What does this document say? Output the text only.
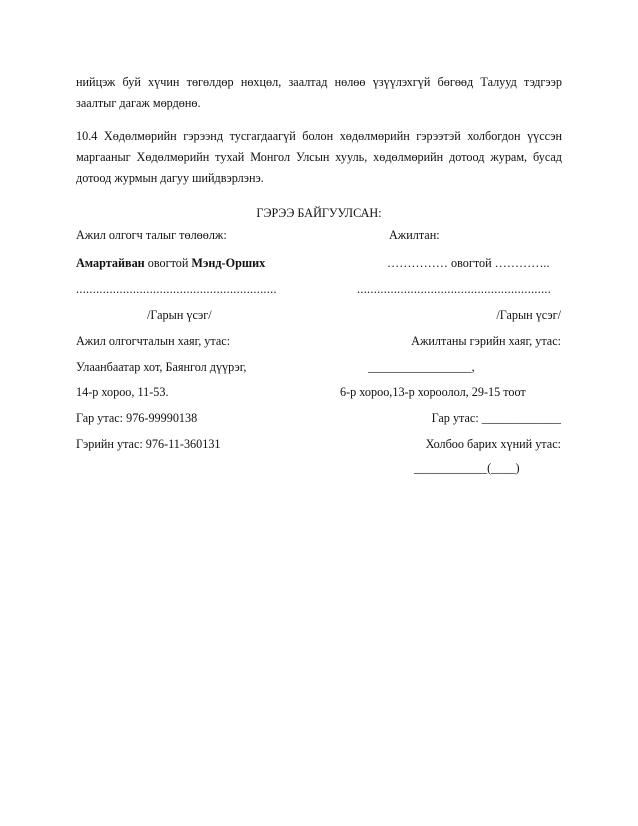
нийцэж буй хүчин төгөлдөр нөхцөл, заалтад нөлөө үзүүлэхгүй бөгөөд Талууд тэдгээр заалтыг дагаж мөрдөнө.
10.4 Хөдөлмөрийн гэрээнд тусгагдаагүй болон хөдөлмөрийн гэрээтэй холбогдон үүссэн маргааныг Хөдөлмөрийн тухай Монгол Улсын хууль, хөдөлмөрийн дотоод журам, бусад дотоод журмын дагуу шийдвэрлэнэ.
ГЭРЭЭ БАЙГУУЛСАН:
Ажил олгогч талыг төлөөлж:
Амартайван овогтой Мэнд-Орших
............................................................
/Гарын үсэг/
Ажил олгогчталын хаяг, утас:
Улаанбаатар хот, Баянгол дүүрэг,
14-р хороо, 11-53.
Гар утас: 976-99990138
Гэрийн утас: 976-11-360131
Ажилтан:
…………… овогтой …………..
..........................................................
/Гарын үсэг/
Ажилтаны гэрийн хаяг, утас:
_________________,
6-р хороо,13-р хороолол, 29-15 тоот
Гар утас: _____________
Холбоо барих хүний утас:
____________(____)
